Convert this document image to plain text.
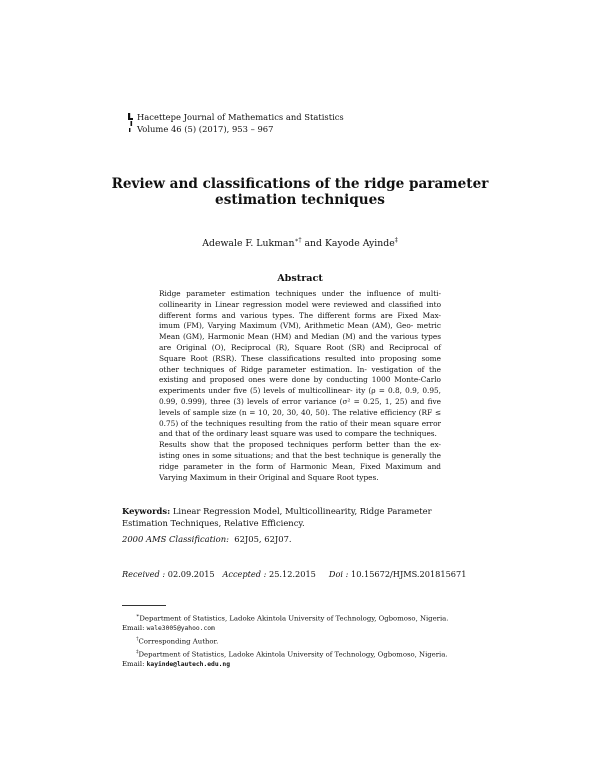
Hacettepe Journal of Mathematics and Statistics
Volume 46 (5) (2017), 953 – 967
Review and classifications of the ridge parameter
estimation techniques
Adewale F. Lukman∗† and Kayode Ayinde‡
Abstract

Ridge parameter estimation techniques under the influence of multi- collinearity in Linear regression model were reviewed and classified into different forms and various types. The different forms are Fixed Max- imum (FM), Varying Maximum (VM), Arithmetic Mean (AM), Geo- metric Mean (GM), Harmonic Mean (HM) and Median (M) and the various types are Original (O), Reciprocal (R), Square Root (SR) and Reciprocal of Square Root (RSR). These classifications resulted into proposing some other techniques of Ridge parameter estimation. In- vestigation of the existing and proposed ones were done by conducting 1000 Monte-Carlo experiments under five (5) levels of multicollinear- ity (ρ = 0.8, 0.9, 0.95, 0.99, 0.999), three (3) levels of error variance (σ² = 0.25, 1, 25) and five levels of sample size (n = 10, 20, 30, 40, 50). The relative efficiency (RF ≤ 0.75) of the techniques resulting from the ratio of their mean square error and that of the ordinary least square was used to compare the techniques.

Results show that the proposed techniques perform better than the ex- isting ones in some situations; and that the best technique is generally the ridge parameter in the form of Harmonic Mean, Fixed Maximum and Varying Maximum in their Original and Square Root types.

Keywords: Linear Regression Model, Multicollinearity, Ridge Parameter Estimation Techniques, Relative Efficiency.
2000 AMS Classification: 62J05, 62J07.
Received : 02.09.2015 Accepted : 25.12.2015 Doi : 10.15672/HJMS.201815671
∗Department of Statistics, Ladoke Akintola University of Technology, Ogbomoso, Nigeria.
Email: wale3005@yahoo.com
†Corresponding Author.
‡Department of Statistics, Ladoke Akintola University of Technology, Ogbomoso, Nigeria.
Email: kayinde@lautech.edu.ng
